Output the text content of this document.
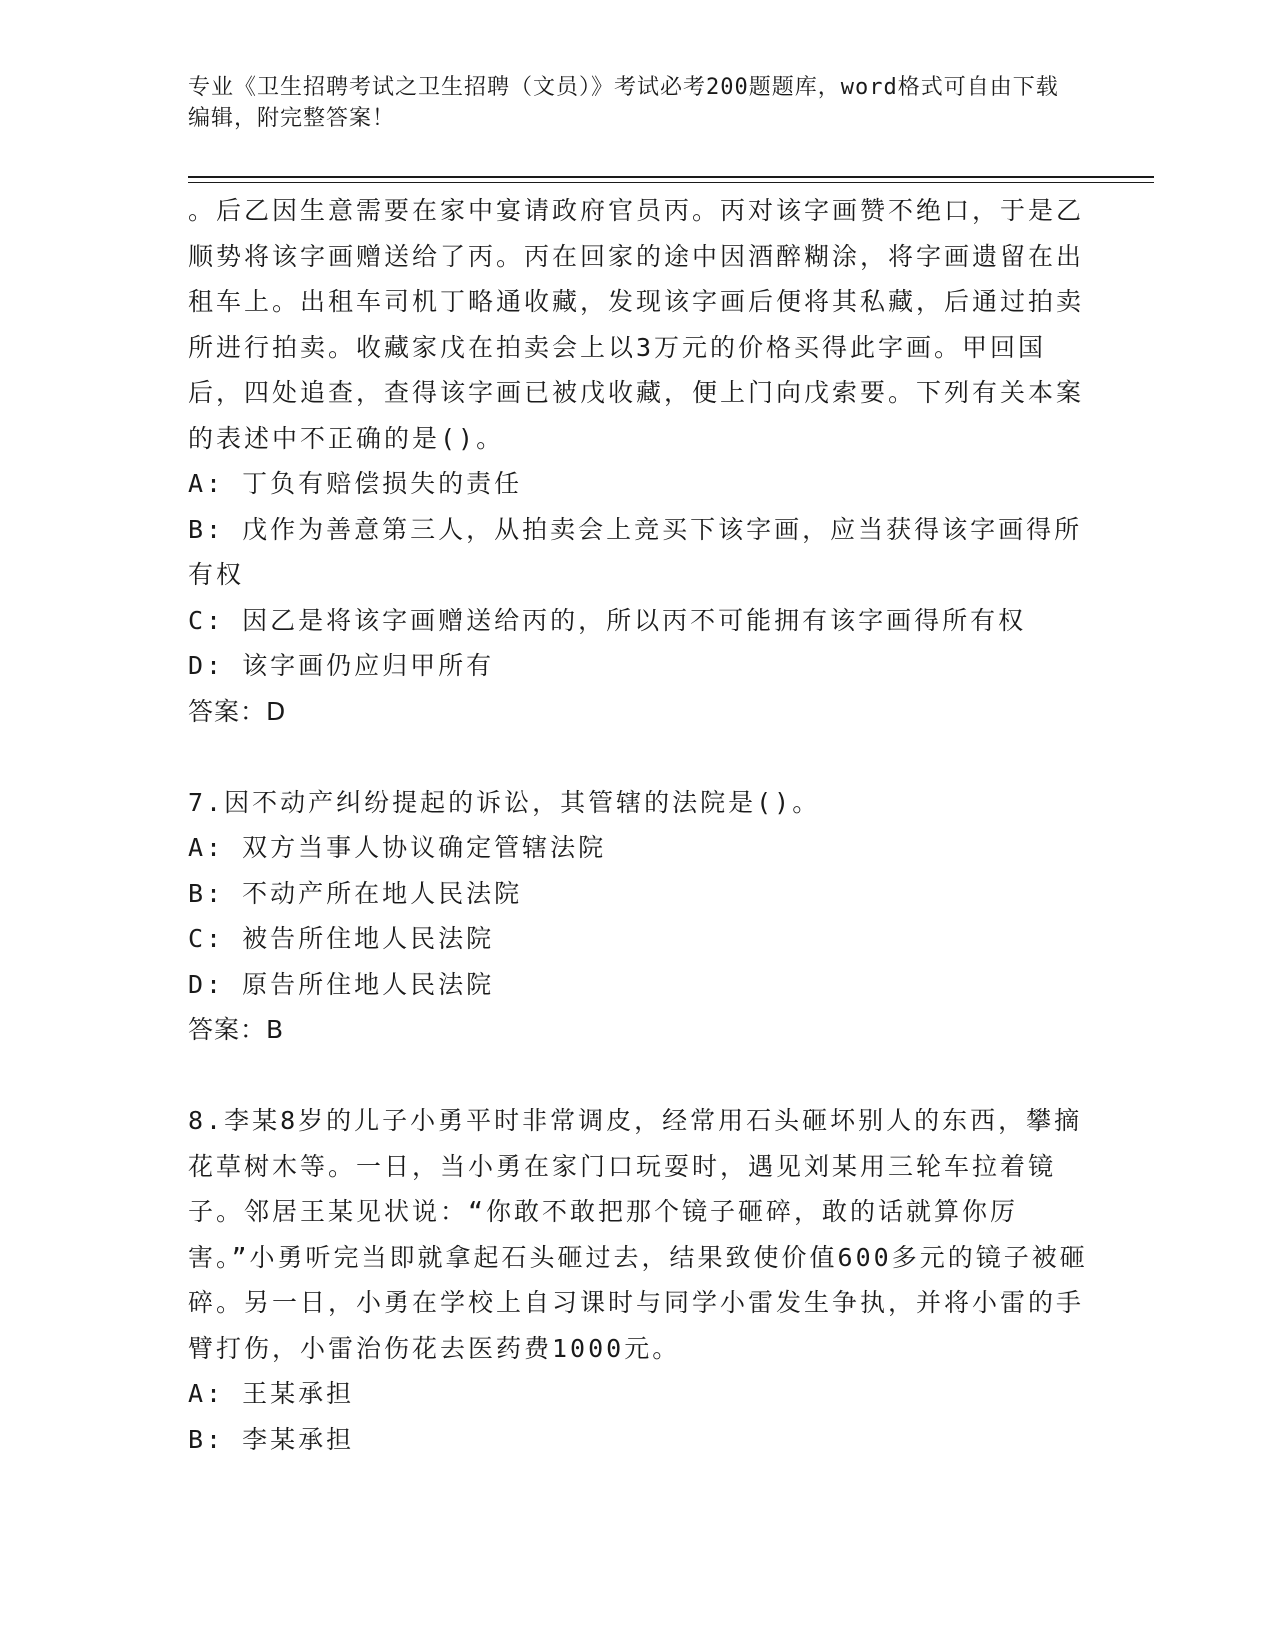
专业《卫生招聘考试之卫生招聘（文员）》考试必考200题题库，word格式可自由下载编辑，附完整答案！

。后乙因生意需要在家中宴请政府官员丙。丙对该字画赞不绝口，于是乙顺势将该字画赠送给了丙。丙在回家的途中因酒醉糊涂，将字画遗留在出租车上。出租车司机丁略通收藏，发现该字画后便将其私藏，后通过拍卖所进行拍卖。收藏家戊在拍卖会上以3万元的价格买得此字画。甲回国后，四处追查，查得该字画已被戊收藏，便上门向戊索要。下列有关本案的表述中不正确的是()。

A: 丁负有赔偿损失的责任

B: 戊作为善意第三人，从拍卖会上竞买下该字画，应当获得该字画得所有权

C: 因乙是将该字画赠送给丙的，所以丙不可能拥有该字画得所有权

D: 该字画仍应归甲所有

答案：D

7.因不动产纠纷提起的诉讼，其管辖的法院是()。

A: 双方当事人协议确定管辖法院

B: 不动产所在地人民法院

C: 被告所住地人民法院

D: 原告所住地人民法院

答案：B

8.李某8岁的儿子小勇平时非常调皮，经常用石头砸坏别人的东西，攀摘花草树木等。一日，当小勇在家门口玩耍时，遇见刘某用三轮车拉着镜子。邻居王某见状说：“你敢不敢把那个镜子砸碎，敢的话就算你厉害。”小勇听完当即就拿起石头砸过去，结果致使价值600多元的镜子被砸碎。另一日，小勇在学校上自习课时与同学小雷发生争执，并将小雷的手臂打伤，小雷治伤花去医药费1000元。

A: 王某承担

B: 李某承担
